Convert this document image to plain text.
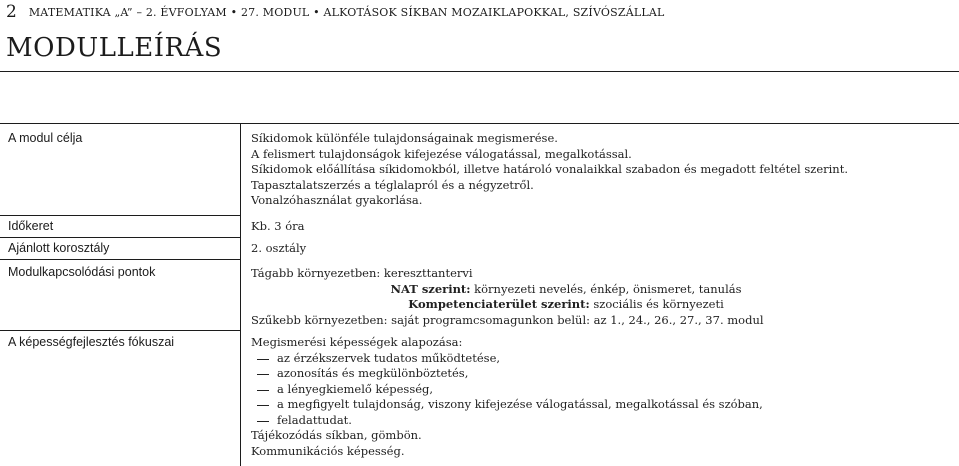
2 MATEMATIKA „A” – 2. ÉVFOLYAM • 27. MODUL • ALKOTÁSOK SÍKBAN MOZAIKLAPOKKAL, SZÍVÓSZÁLLAL
MODULLEÍRÁS
A modul célja
Időkeret
Ajánlott korosztály
Modulkapcsolódási pontok
A képességfejlesztés fókuszai
Síkidomok különféle tulajdonságainak megismerése.
A felismert tulajdonságok kifejezése válogatással, megalkotással.
Síkidomok előállítása síkidomokból, illetve határoló vonalaikkal szabadon és megadott feltétel szerint.
Tapasztalatszerzés a téglalapról és a négyzetről.
Vonalzóhasználat gyakorlása.
Kb. 3 óra
2. osztály
Tágabb környezetben: kereszttantervi
NAT szerint: környezeti nevelés, énkép, önismeret, tanulás
Kompetenciaterület szerint: szociális és környezeti
Szűkebb környezetben: saját programcsomagunkon belül: az 1., 24., 26., 27., 37. modul
Megismerési képességek alapozása:
az érzékszervek tudatos működtetése,
azonosítás és megkülönböztetés,
a lényegkiemelő képesség,
a megfigyelt tulajdonság, viszony kifejezése válogatással, megalkotással és szóban,
feladattudat.
Tájékozódás síkban, gömbön.
Kommunikációs képesség.
